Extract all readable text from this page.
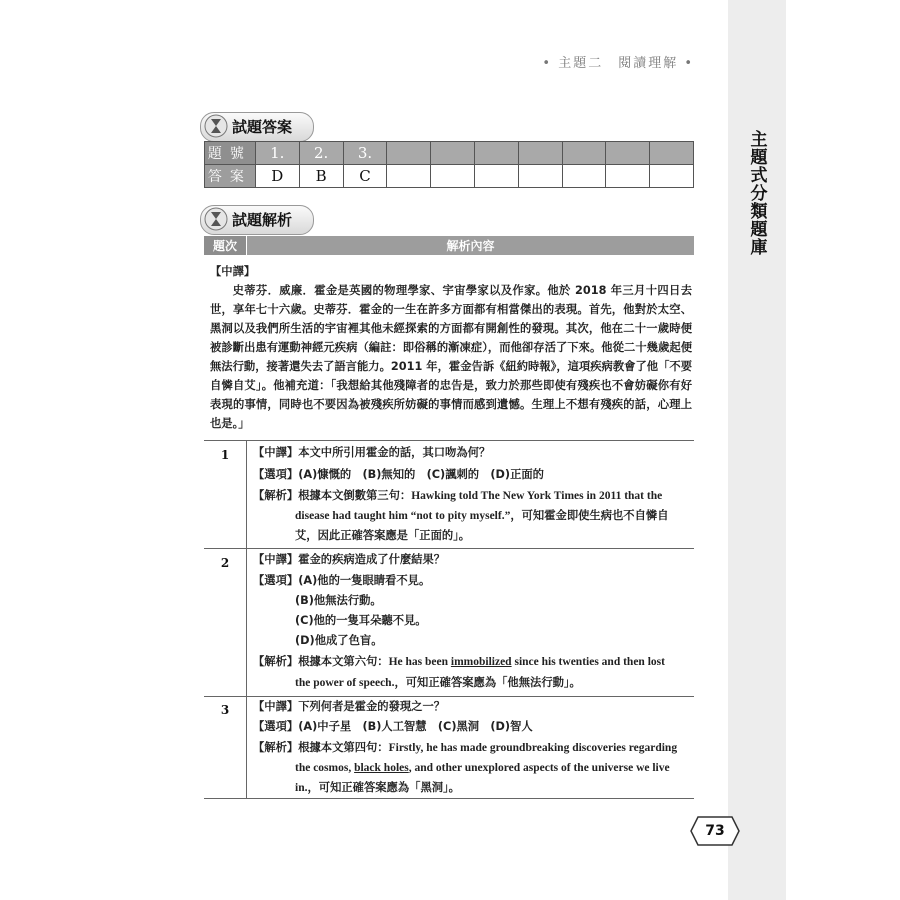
主題式分類題庫
• 主題二　閱讀理解 •
試題答案
題號	1.	2.	3.							
答案	D	B	C							
試題解析
題次	解析內容
【中譯】
史蒂芬．威廉．霍金是英國的物理學家、宇宙學家以及作家。他於 2018 年三月十四日去世，享年七十六歲。史蒂芬．霍金的一生在許多方面都有相當傑出的表現。首先，他對於太空、黑洞以及我們所生活的宇宙裡其他未經探索的方面都有開創性的發現。其次，他在二十一歲時便被診斷出患有運動神經元疾病（編註：即俗稱的漸凍症），而他卻存活了下來。他從二十幾歲起便無法行動，接著還失去了語言能力。2011 年，霍金告訴《紐約時報》，這項疾病教會了他「不要自憐自艾」。他補充道：「我想給其他殘障者的忠告是，致力於那些即使有殘疾也不會妨礙你有好表現的事情，同時也不要因為被殘疾所妨礙的事情而感到遺憾。生理上不想有殘疾的話，心理上也是。」
1	【中譯】本文中所引用霍金的話，其口吻為何？
【選項】(A)慷慨的　(B)無知的　(C)諷刺的　(D)正面的
【解析】根據本文倒數第三句：Hawking told The New York Times in 2011 that the
disease had taught him “not to pity myself.”，可知霍金即使生病也不自憐自
艾，因此正確答案應是「正面的」。
2	【中譯】霍金的疾病造成了什麼結果？
【選項】(A)他的一隻眼睛看不見。
(B)他無法行動。
(C)他的一隻耳朵聽不見。
(D)他成了色盲。
【解析】根據本文第六句：He has been immobilized since his twenties and then lost
the power of speech.，可知正確答案應為「他無法行動」。
3	【中譯】下列何者是霍金的發現之一？
【選項】(A)中子星　(B)人工智慧　(C)黑洞　(D)智人
【解析】根據本文第四句：Firstly, he has made groundbreaking discoveries regarding
the cosmos, black holes, and other unexplored aspects of the universe we live
in.，可知正確答案應為「黑洞」。
73
